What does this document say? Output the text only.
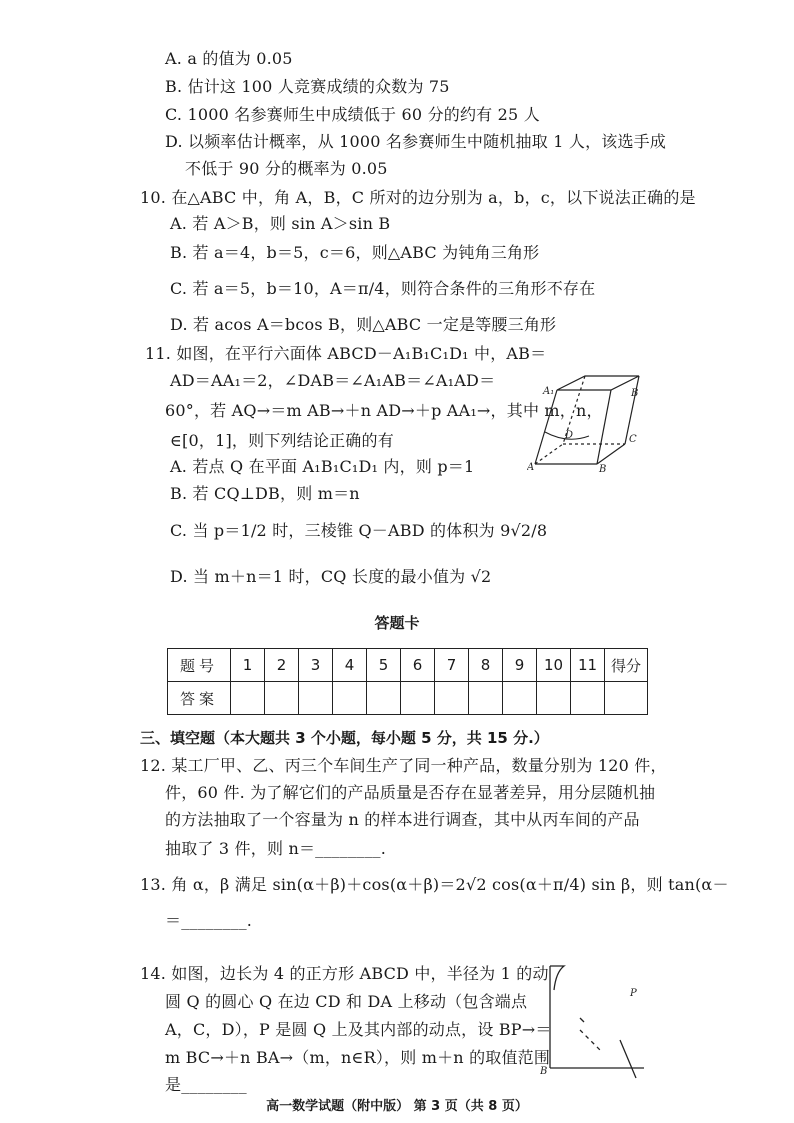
A. a 的值为 0.05
B. 估计这 100 人竞赛成绩的众数为 75
C. 1000 名参赛师生中成绩低于 60 分的约有 25 人
D. 以频率估计概率，从 1000 名参赛师生中随机抽取 1 人，该选手成
不低于 90 分的概率为 0.05
10. 在△ABC 中，角 A，B，C 所对的边分别为 a，b，c，以下说法正确的是
A. 若 A＞B，则 sin A＞sin B
B. 若 a＝4，b＝5，c＝6，则△ABC 为钝角三角形
C. 若 a＝5，b＝10，A＝π/4，则符合条件的三角形不存在
D. 若 acos A＝bcos B，则△ABC 一定是等腰三角形
11. 如图，在平行六面体 ABCD－A₁B₁C₁D₁ 中，AB＝
AD＝AA₁＝2，∠DAB＝∠A₁AB＝∠A₁AD＝
60°，若 AQ→＝m AB→＋n AD→＋p AA₁→，其中 m，n，
∈[0，1]，则下列结论正确的有
A. 若点 Q 在平面 A₁B₁C₁D₁ 内，则 p＝1
B. 若 CQ⊥DB，则 m＝n
C. 当 p＝1/2 时，三棱锥 Q－ABD 的体积为 9√2/8
D. 当 m＋n＝1 时，CQ 长度的最小值为 √2
A₁	B
D	C
A	B
答题卡
题号	1	2	3	4	5	6	7	8	9	10	11	得分
答案												
三、填空题（本大题共 3 个小题，每小题 5 分，共 15 分.）
12. 某工厂甲、乙、丙三个车间生产了同一种产品，数量分别为 120 件，
件，60 件. 为了解它们的产品质量是否存在显著差异，用分层随机抽
的方法抽取了一个容量为 n 的样本进行调查，其中从丙车间的产品
抽取了 3 件，则 n＝________.
13. 角 α，β 满足 sin(α＋β)＋cos(α＋β)＝2√2 cos(α＋π/4) sin β，则 tan(α－
＝________.
14. 如图，边长为 4 的正方形 ABCD 中，半径为 1 的动
圆 Q 的圆心 Q 在边 CD 和 DA 上移动（包含端点
A，C，D），P 是圆 Q 上及其内部的动点，设 BP→＝
m BC→＋n BA→（m，n∈R），则 m＋n 的取值范围
是________
P
B
高一数学试题（附中版） 第 3 页（共 8 页）
